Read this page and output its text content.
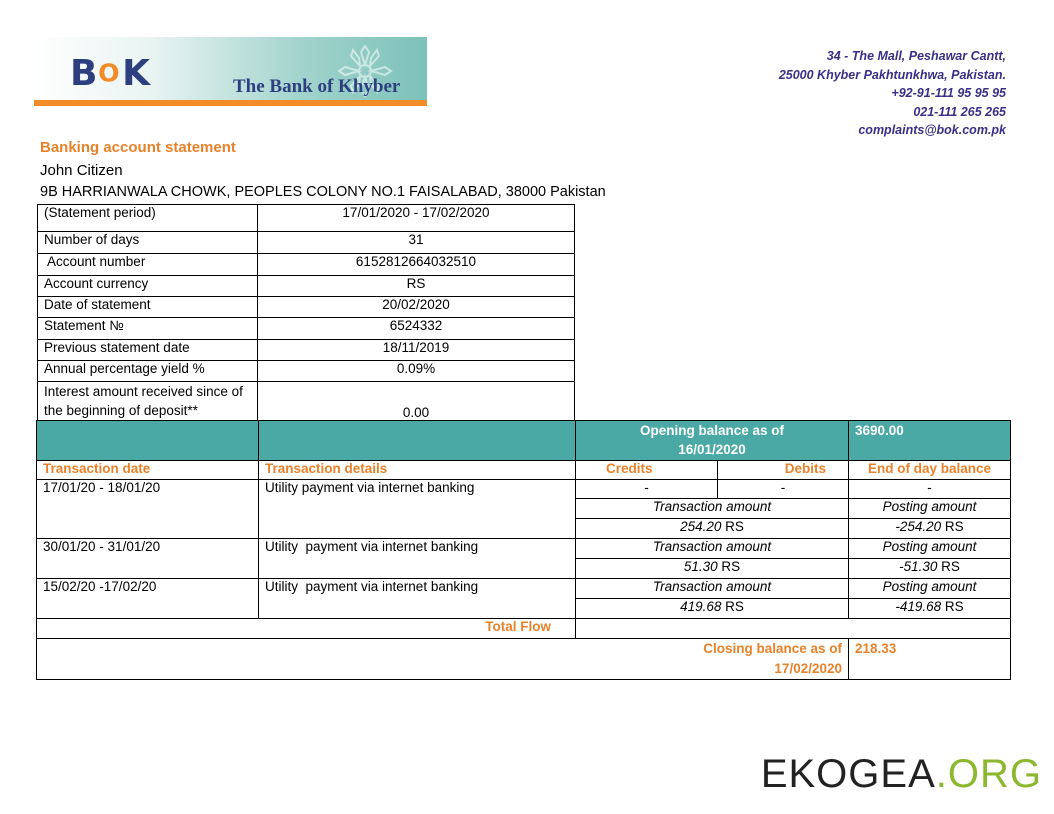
B O K	The Bank of Khyber
34 - The Mall, Peshawar Cantt,
25000 Khyber Pakhtunkhwa, Pakistan.
+92-91-111 95 95 95
021-111 265 265
complaints@bok.com.pk
Banking account statement
John Citizen
9B HARRIANWALA CHOWK, PEOPLES COLONY NO.1 FAISALABAD, 38000 Pakistan
(Statement period)	17/01/2020 - 17/02/2020
Number of days	31
Account number	6152812664032510
Account currency	RS
Date of statement	20/02/2020
Statement №	6524332
Previous statement date	18/11/2019
Annual percentage yield %	0.09%
Interest amount received since of the beginning of deposit**	0.00
		Opening balance as of 16/01/2020		3690.00
Transaction date	Transaction details	Credits	Debits	End of day balance
17/01/20 - 18/01/20	Utility payment via internet banking	-	-	-
		Transaction amount		Posting amount
		254.20 RS		-254.20 RS
30/01/20 - 31/01/20	Utility  payment via internet banking	Transaction amount		Posting amount
		51.30 RS		-51.30 RS
15/02/20 -17/02/20	Utility  payment via internet banking	Transaction amount		Posting amount
		419.68 RS		-419.68 RS
Total Flow				
Closing balance as of 17/02/2020				218.33
EKOGEA.ORG
